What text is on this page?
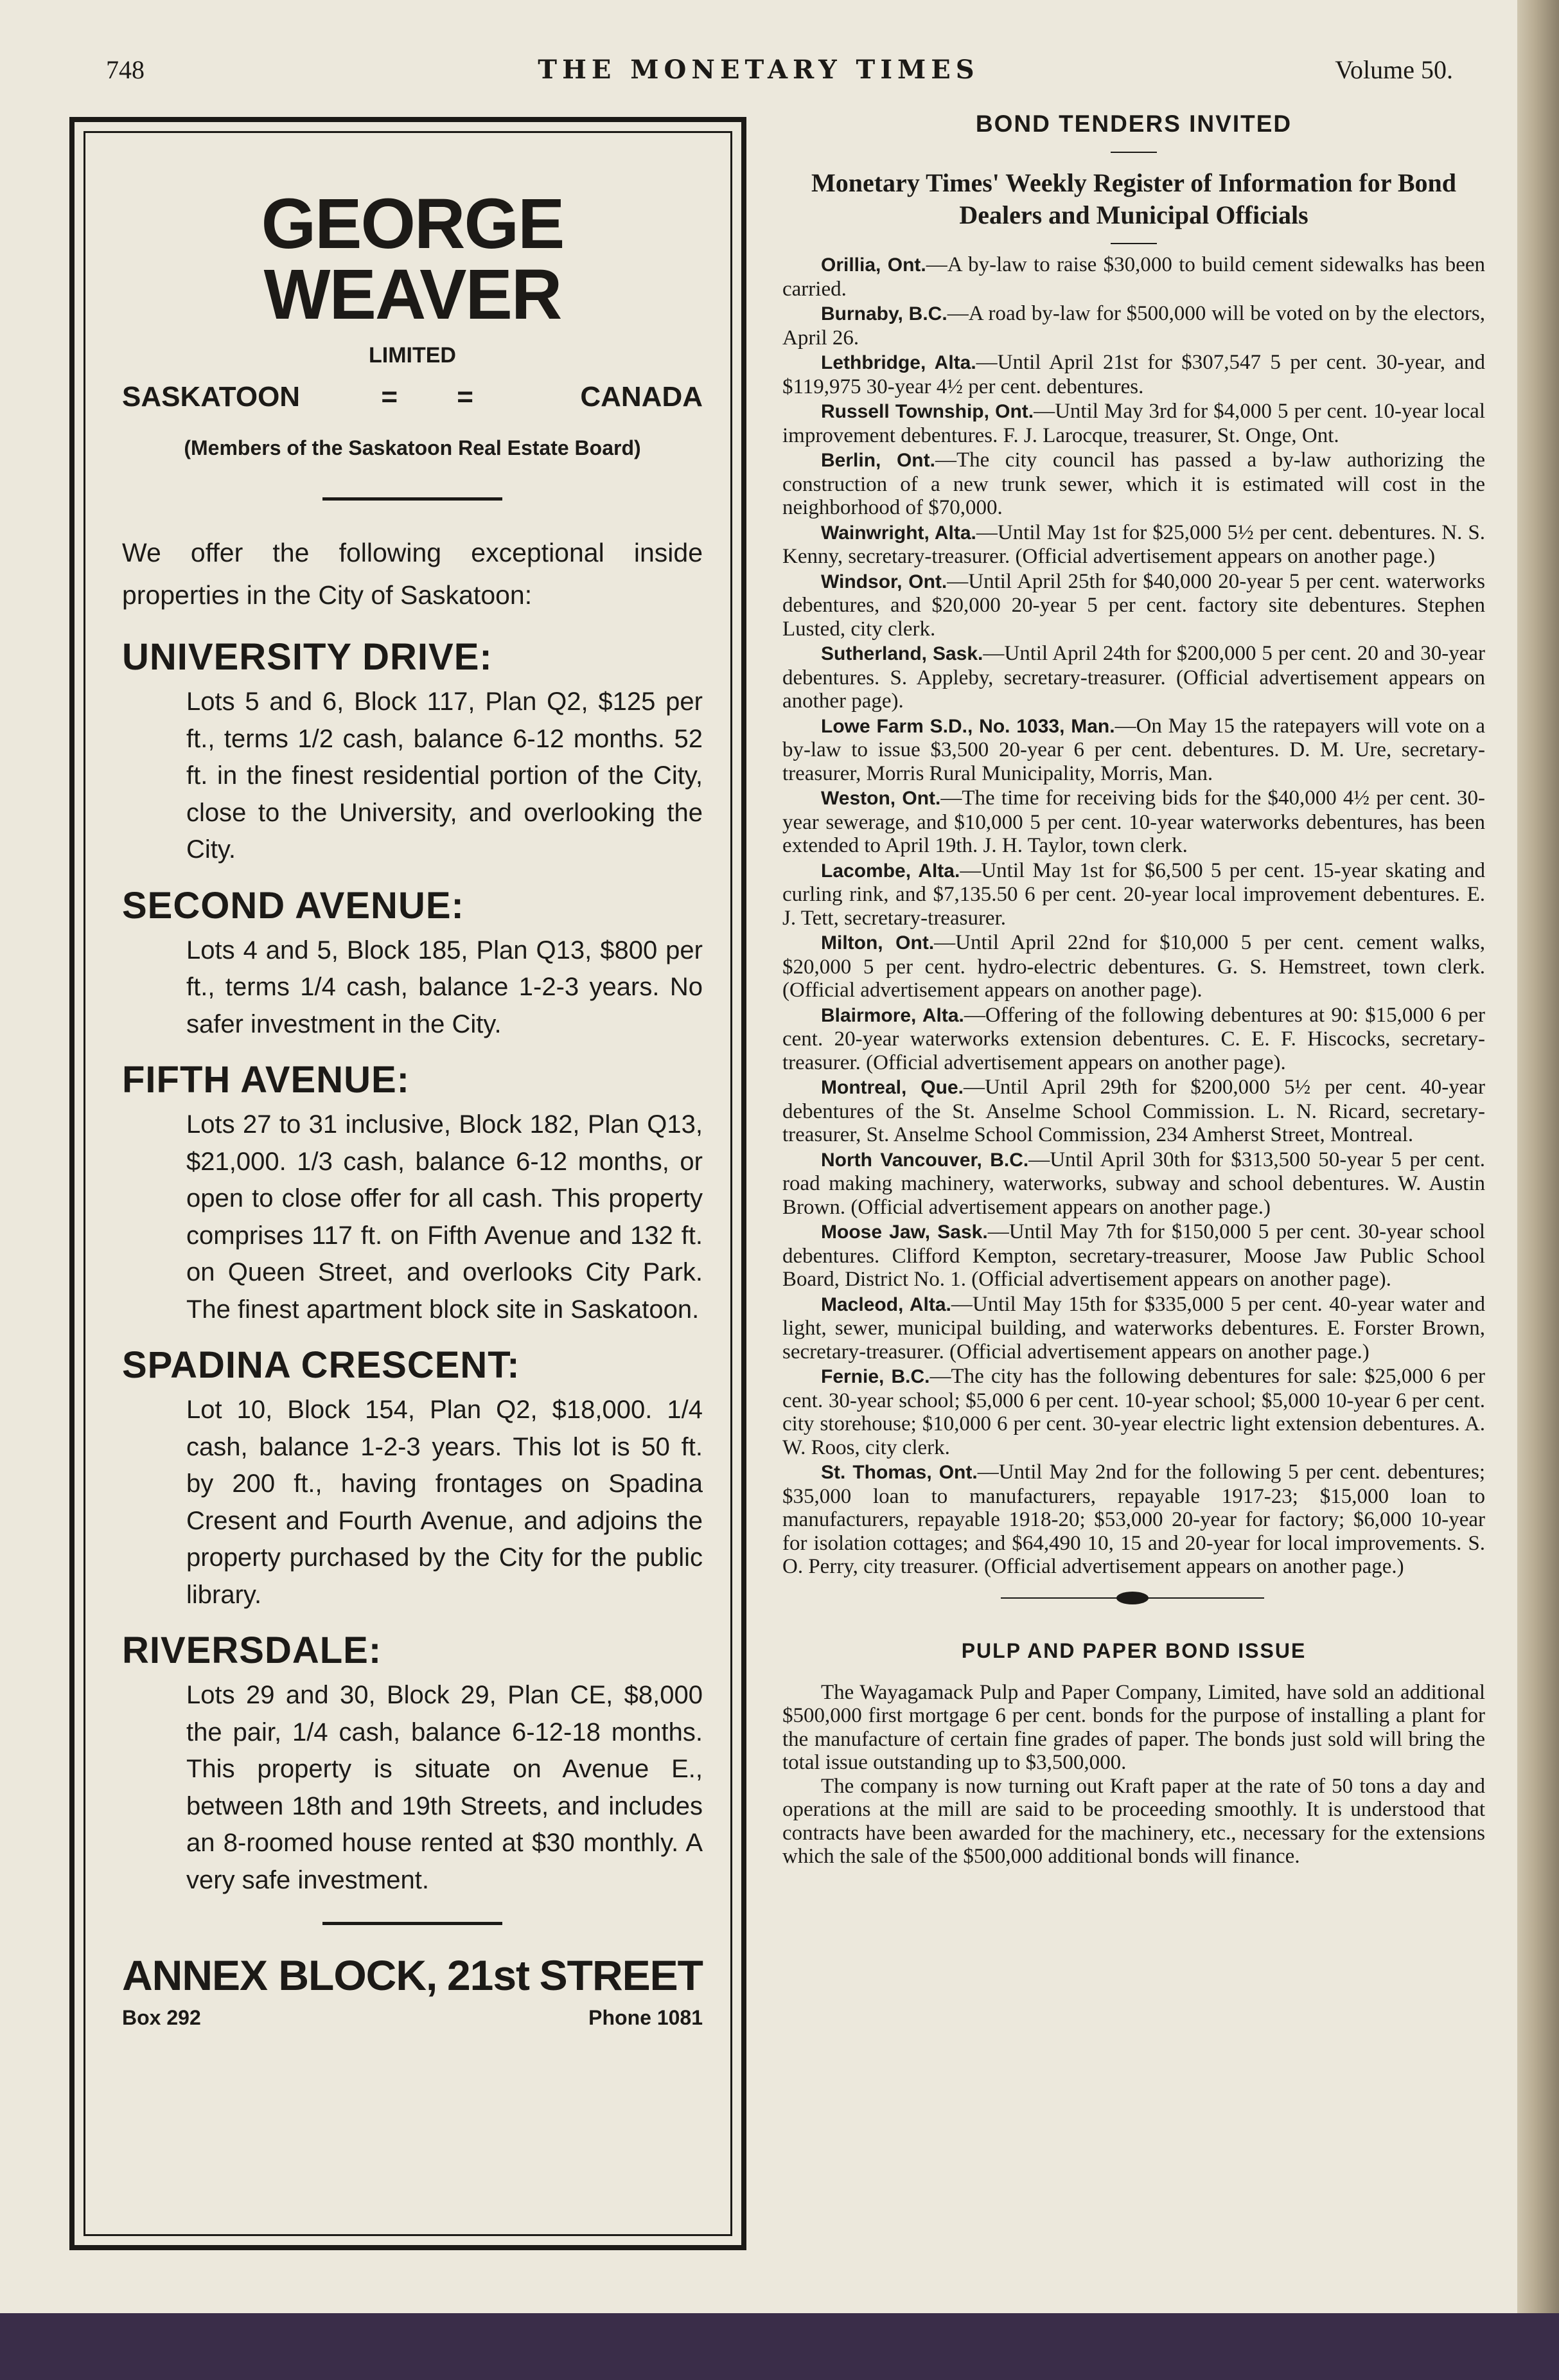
748	THE MONETARY TIMES	Volume 50.
GEORGE WEAVER
LIMITED
SASKATOON	= =	CANADA
(Members of the Saskatoon Real Estate Board)
We offer the following exceptional inside properties in the City of Saskatoon:
UNIVERSITY DRIVE:
Lots 5 and 6, Block 117, Plan Q2, $125 per ft., terms 1/2 cash, balance 6-12 months. 52 ft. in the finest residential portion of the City, close to the University, and overlooking the City.
SECOND AVENUE:
Lots 4 and 5, Block 185, Plan Q13, $800 per ft., terms 1/4 cash, balance 1-2-3 years. No safer investment in the City.
FIFTH AVENUE:
Lots 27 to 31 inclusive, Block 182, Plan Q13, $21,000. 1/3 cash, balance 6-12 months, or open to close offer for all cash. This property comprises 117 ft. on Fifth Avenue and 132 ft. on Queen Street, and overlooks City Park. The finest apartment block site in Saskatoon.
SPADINA CRESCENT:
Lot 10, Block 154, Plan Q2, $18,000. 1/4 cash, balance 1-2-3 years. This lot is 50 ft. by 200 ft., having frontages on Spadina Cresent and Fourth Avenue, and adjoins the property purchased by the City for the public library.
RIVERSDALE:
Lots 29 and 30, Block 29, Plan CE, $8,000 the pair, 1/4 cash, balance 6-12-18 months. This property is situate on Avenue E., between 18th and 19th Streets, and includes an 8-roomed house rented at $30 monthly. A very safe investment.
ANNEX BLOCK, 21st STREET
Box 292	Phone 1081
BOND TENDERS INVITED
Monetary Times' Weekly Register of Information for Bond Dealers and Municipal Officials

Orillia, Ont.—A by-law to raise $30,000 to build cement sidewalks has been carried.

Burnaby, B.C.—A road by-law for $500,000 will be voted on by the electors, April 26.

Lethbridge, Alta.—Until April 21st for $307,547 5 per cent. 30-year, and $119,975 30-year 4½ per cent. debentures.

Russell Township, Ont.—Until May 3rd for $4,000 5 per cent. 10-year local improvement debentures. F. J. Larocque, treasurer, St. Onge, Ont.

Berlin, Ont.—The city council has passed a by-law authorizing the construction of a new trunk sewer, which it is estimated will cost in the neighborhood of $70,000.

Wainwright, Alta.—Until May 1st for $25,000 5½ per cent. debentures. N. S. Kenny, secretary-treasurer. (Official advertisement appears on another page.)

Windsor, Ont.—Until April 25th for $40,000 20-year 5 per cent. waterworks debentures, and $20,000 20-year 5 per cent. factory site debentures. Stephen Lusted, city clerk.

Sutherland, Sask.—Until April 24th for $200,000 5 per cent. 20 and 30-year debentures. S. Appleby, secretary-treasurer. (Official advertisement appears on another page).

Lowe Farm S.D., No. 1033, Man.—On May 15 the ratepayers will vote on a by-law to issue $3,500 20-year 6 per cent. debentures. D. M. Ure, secretary-treasurer, Morris Rural Municipality, Morris, Man.

Weston, Ont.—The time for receiving bids for the $40,000 4½ per cent. 30-year sewerage, and $10,000 5 per cent. 10-year waterworks debentures, has been extended to April 19th. J. H. Taylor, town clerk.

Lacombe, Alta.—Until May 1st for $6,500 5 per cent. 15-year skating and curling rink, and $7,135.50 6 per cent. 20-year local improvement debentures. E. J. Tett, secretary-treasurer.

Milton, Ont.—Until April 22nd for $10,000 5 per cent. cement walks, $20,000 5 per cent. hydro-electric debentures. G. S. Hemstreet, town clerk. (Official advertisement appears on another page).

Blairmore, Alta.—Offering of the following debentures at 90: $15,000 6 per cent. 20-year waterworks extension debentures. C. E. F. Hiscocks, secretary-treasurer. (Official advertisement appears on another page).

Montreal, Que.—Until April 29th for $200,000 5½ per cent. 40-year debentures of the St. Anselme School Commission. L. N. Ricard, secretary-treasurer, St. Anselme School Commission, 234 Amherst Street, Montreal.

North Vancouver, B.C.—Until April 30th for $313,500 50-year 5 per cent. road making machinery, waterworks, subway and school debentures. W. Austin Brown. (Official advertisement appears on another page.)

Moose Jaw, Sask.—Until May 7th for $150,000 5 per cent. 30-year school debentures. Clifford Kempton, secretary-treasurer, Moose Jaw Public School Board, District No. 1. (Official advertisement appears on another page).

Macleod, Alta.—Until May 15th for $335,000 5 per cent. 40-year water and light, sewer, municipal building, and waterworks debentures. E. Forster Brown, secretary-treasurer. (Official advertisement appears on another page.)

Fernie, B.C.—The city has the following debentures for sale: $25,000 6 per cent. 30-year school; $5,000 6 per cent. 10-year school; $5,000 10-year 6 per cent. city storehouse; $10,000 6 per cent. 30-year electric light extension debentures. A. W. Roos, city clerk.

St. Thomas, Ont.—Until May 2nd for the following 5 per cent. debentures; $35,000 loan to manufacturers, repayable 1917-23; $15,000 loan to manufacturers, repayable 1918-20; $53,000 20-year for factory; $6,000 10-year for isolation cottages; and $64,490 10, 15 and 20-year for local improvements. S. O. Perry, city treasurer. (Official advertisement appears on another page.)

PULP AND PAPER BOND ISSUE

The Wayagamack Pulp and Paper Company, Limited, have sold an additional $500,000 first mortgage 6 per cent. bonds for the purpose of installing a plant for the manufacture of certain fine grades of paper. The bonds just sold will bring the total issue outstanding up to $3,500,000.

The company is now turning out Kraft paper at the rate of 50 tons a day and operations at the mill are said to be proceeding smoothly. It is understood that contracts have been awarded for the machinery, etc., necessary for the extensions which the sale of the $500,000 additional bonds will finance.
